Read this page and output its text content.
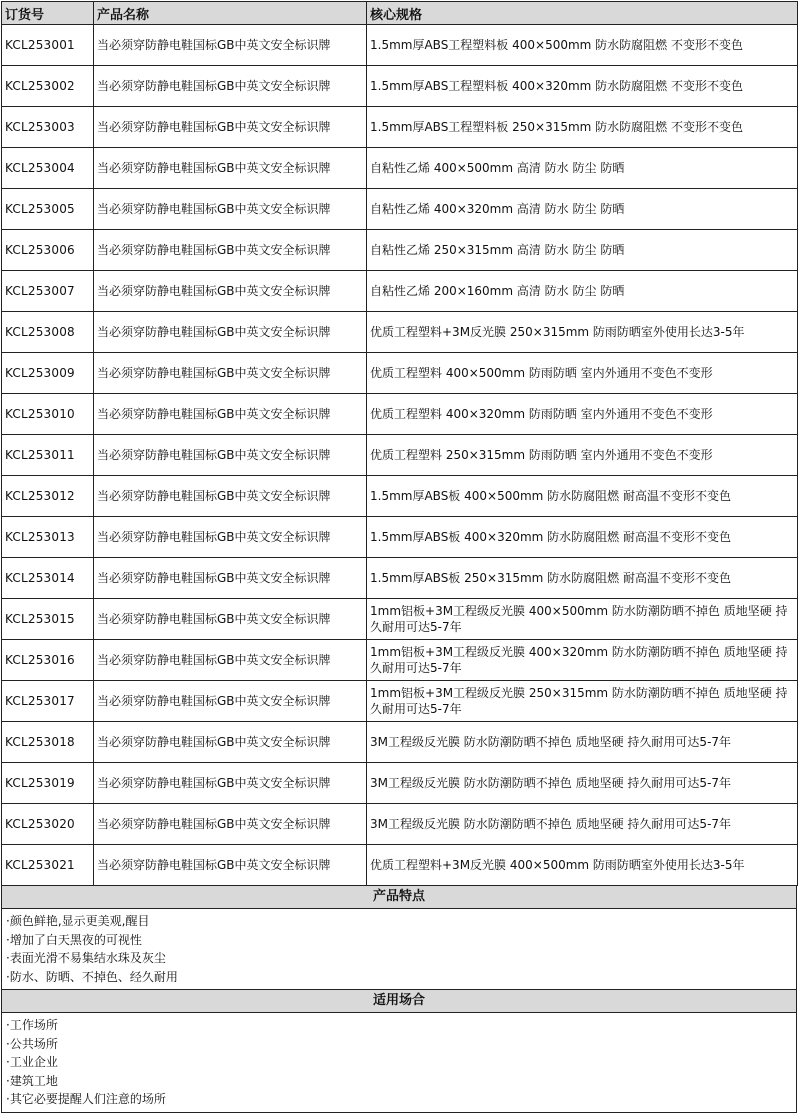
订货号	产品名称	核心规格
KCL253001	当必须穿防静电鞋国标GB中英文安全标识牌	1.5mm厚ABS工程塑料板 400×500mm 防水防腐阻燃 不变形不变色
KCL253002	当必须穿防静电鞋国标GB中英文安全标识牌	1.5mm厚ABS工程塑料板 400×320mm 防水防腐阻燃 不变形不变色
KCL253003	当必须穿防静电鞋国标GB中英文安全标识牌	1.5mm厚ABS工程塑料板 250×315mm 防水防腐阻燃 不变形不变色
KCL253004	当必须穿防静电鞋国标GB中英文安全标识牌	自粘性乙烯 400×500mm 高清 防水 防尘 防晒
KCL253005	当必须穿防静电鞋国标GB中英文安全标识牌	自粘性乙烯 400×320mm 高清 防水 防尘 防晒
KCL253006	当必须穿防静电鞋国标GB中英文安全标识牌	自粘性乙烯 250×315mm 高清 防水 防尘 防晒
KCL253007	当必须穿防静电鞋国标GB中英文安全标识牌	自粘性乙烯 200×160mm 高清 防水 防尘 防晒
KCL253008	当必须穿防静电鞋国标GB中英文安全标识牌	优质工程塑料+3M反光膜 250×315mm 防雨防晒室外使用长达3-5年
KCL253009	当必须穿防静电鞋国标GB中英文安全标识牌	优质工程塑料 400×500mm 防雨防晒 室内外通用不变色不变形
KCL253010	当必须穿防静电鞋国标GB中英文安全标识牌	优质工程塑料 400×320mm 防雨防晒 室内外通用不变色不变形
KCL253011	当必须穿防静电鞋国标GB中英文安全标识牌	优质工程塑料 250×315mm 防雨防晒 室内外通用不变色不变形
KCL253012	当必须穿防静电鞋国标GB中英文安全标识牌	1.5mm厚ABS板 400×500mm 防水防腐阻燃 耐高温不变形不变色
KCL253013	当必须穿防静电鞋国标GB中英文安全标识牌	1.5mm厚ABS板 400×320mm 防水防腐阻燃 耐高温不变形不变色
KCL253014	当必须穿防静电鞋国标GB中英文安全标识牌	1.5mm厚ABS板 250×315mm 防水防腐阻燃 耐高温不变形不变色
KCL253015	当必须穿防静电鞋国标GB中英文安全标识牌	1mm铝板+3M工程级反光膜 400×500mm 防水防潮防晒不掉色 质地坚硬 持久耐用可达5-7年
KCL253016	当必须穿防静电鞋国标GB中英文安全标识牌	1mm铝板+3M工程级反光膜 400×320mm 防水防潮防晒不掉色 质地坚硬 持久耐用可达5-7年
KCL253017	当必须穿防静电鞋国标GB中英文安全标识牌	1mm铝板+3M工程级反光膜 250×315mm 防水防潮防晒不掉色 质地坚硬 持久耐用可达5-7年
KCL253018	当必须穿防静电鞋国标GB中英文安全标识牌	3M工程级反光膜 防水防潮防晒不掉色 质地坚硬 持久耐用可达5-7年
KCL253019	当必须穿防静电鞋国标GB中英文安全标识牌	3M工程级反光膜 防水防潮防晒不掉色 质地坚硬 持久耐用可达5-7年
KCL253020	当必须穿防静电鞋国标GB中英文安全标识牌	3M工程级反光膜 防水防潮防晒不掉色 质地坚硬 持久耐用可达5-7年
KCL253021	当必须穿防静电鞋国标GB中英文安全标识牌	优质工程塑料+3M反光膜 400×500mm 防雨防晒室外使用长达3-5年
产品特点
·颜色鲜艳,显示更美观,醒目
·增加了白天黑夜的可视性
·表面光滑不易集结水珠及灰尘
·防水、防晒、不掉色、经久耐用
适用场合
·工作场所
·公共场所
·工业企业
·建筑工地
·其它必要提醒人们注意的场所
